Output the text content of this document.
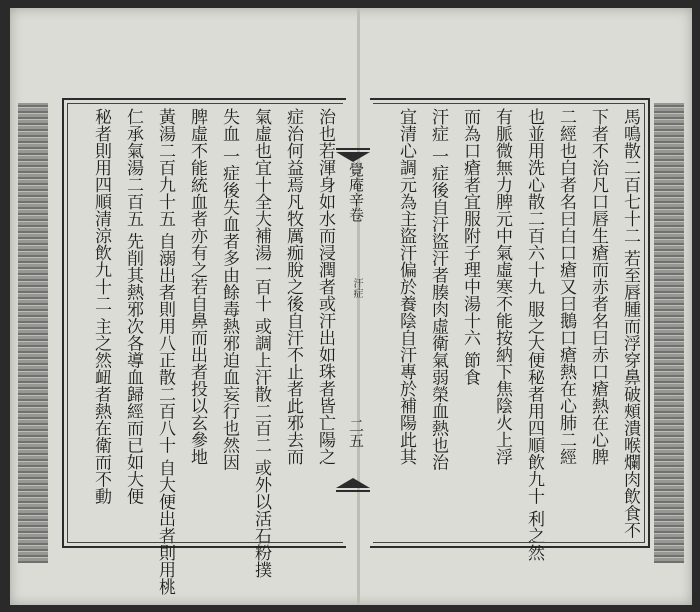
治也若渾身如水而浸潤者或汗出如珠者皆亡陽之
症治何益焉凡牧厲痂脫之後自汗不止者此邪去而
氣虛也宜十全大補湯一百十 或調上汗散二百二 或外以活石粉撲
失血 一症後失血者多由餘毒熱邪迫血妄行也然因
脾虛不能統血者亦有之若自鼻而出者投以玄參地
黃湯二百九十五 自溺出者則用八正散二百八十 自大便出者則用桃
仁承氣湯二百五 先削其熱邪次各導血歸經而已如大便
秘者則用四順清涼飲九十二 主之然衄者熱在衛而不動	覺庵辛卷
汗症
二五	馬鳴散二百七十二 若至唇腫而浮穿鼻破頰潰喉爛肉飲食不
下者不治凡口唇生瘡而赤者名曰赤口瘡熱在心脾
二經也白者名曰白口瘡又曰鵝口瘡熱在心肺二經
也並用洗心散二百六十九 服之大便秘者用四順飲九十 利之然
有脈微無力脾元中氣虛寒不能按納下焦陰火上浮
而為口瘡者宜服附子理中湯十六 節食
汗症 一症後自汗盜汗者腠肉虛衛氣弱榮血熱也治
宜清心調元為主盜汗偏於養陰自汗專於補陽此其
